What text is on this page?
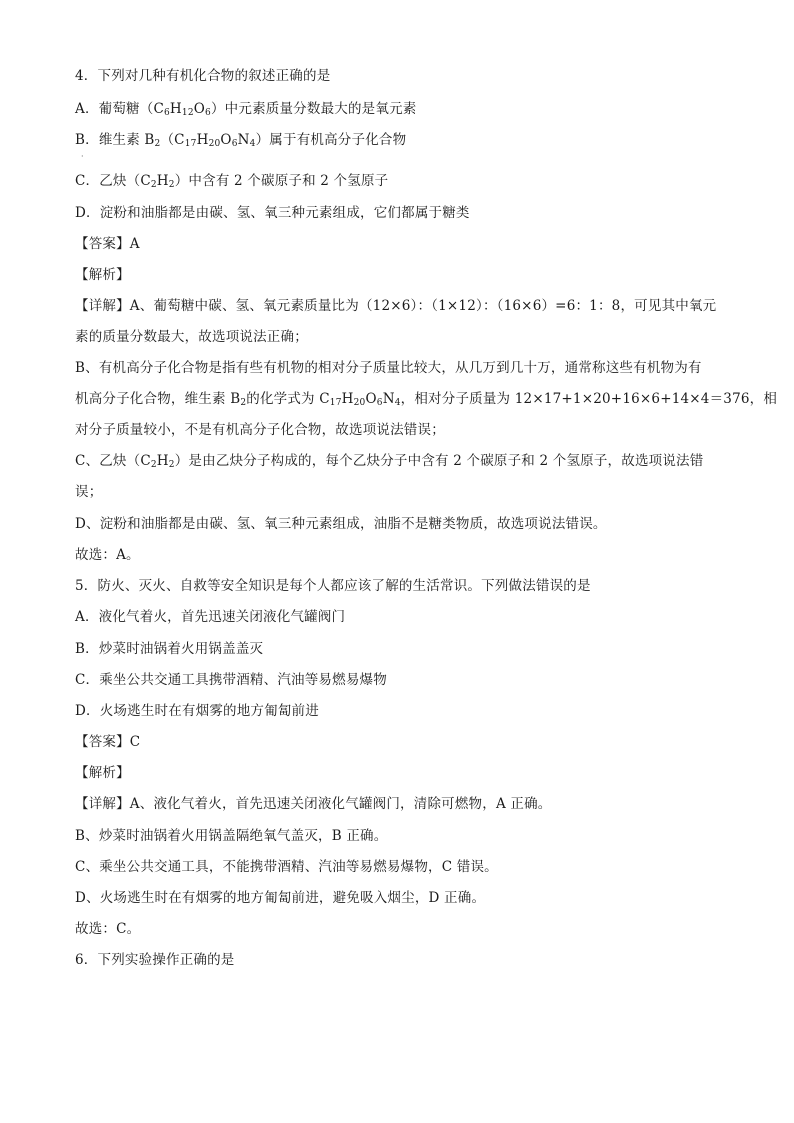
4．下列对几种有机化合物的叙述正确的是
A．葡萄糖$(C_6H_{12}O_6)$中元素质量分数最大的是氧元素
B．维生素 $B_2(C_{17}H_{20}O_6N_4)$属于有机高分子化合物
·
C．乙炔$(C_2H_2)$中含有 2 个碳原子和 2 个氢原子
D．淀粉和油脂都是由碳、氢、氧三种元素组成，它们都属于糖类
【答案】A
【解析】
【详解】A、葡萄糖中碳、氢、氧元素质量比为（12×6）：（1×12）：（16×6）=6：1：8，可见其中氧元
素的质量分数最大，故选项说法正确；
B、有机高分子化合物是指有些有机物的相对分子质量比较大，从几万到几十万，通常称这些有机物为有
机高分子化合物，维生素 $B_2$的化学式为 $C_{17}H_{20}O_6N_4$，相对分子质量为 12×17+1×20+16×6+14×4＝376，相
对分子质量较小，不是有机高分子化合物，故选项说法错误；
C、乙炔$(C_2H_2)$是由乙炔分子构成的，每个乙炔分子中含有 2 个碳原子和 2 个氢原子，故选项说法错
误；
D、淀粉和油脂都是由碳、氢、氧三种元素组成，油脂不是糖类物质，故选项说法错误。
故选：A。
5．防火、灭火、自救等安全知识是每个人都应该了解的生活常识。下列做法错误的是
A．液化气着火，首先迅速关闭液化气罐阀门
B．炒菜时油锅着火用锅盖盖灭
C．乘坐公共交通工具携带酒精、汽油等易燃易爆物
D．火场逃生时在有烟雾的地方匍匐前进
【答案】C
【解析】
【详解】A、液化气着火，首先迅速关闭液化气罐阀门，清除可燃物，A 正确。
B、炒菜时油锅着火用锅盖隔绝氧气盖灭，B 正确。
C、乘坐公共交通工具，不能携带酒精、汽油等易燃易爆物，C 错误。
D、火场逃生时在有烟雾的地方匍匐前进，避免吸入烟尘，D 正确。
故选：C。
6．下列实验操作正确的是
